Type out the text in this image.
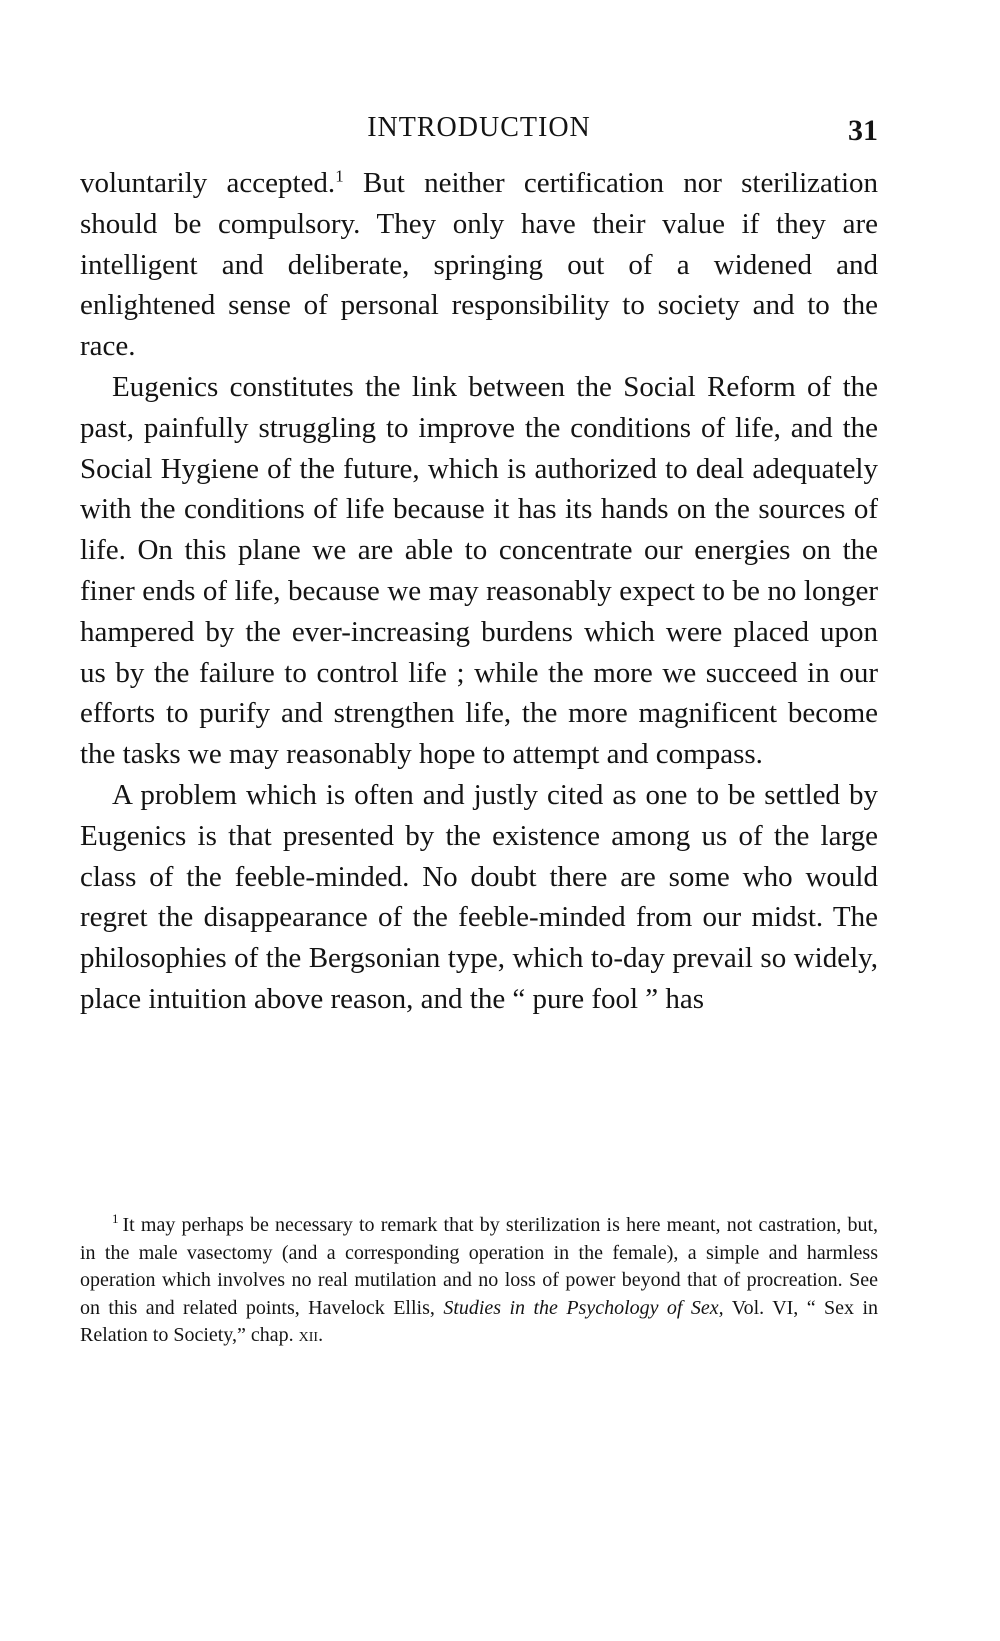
INTRODUCTION	31

voluntarily accepted.$^1$ But neither certification nor sterilization should be compulsory. They only have their value if they are intelligent and deliberate, springing out of a widened and enlightened sense of personal responsibility to society and to the race.

Eugenics constitutes the link between the Social Reform of the past, painfully struggling to improve the conditions of life, and the Social Hygiene of the future, which is authorized to deal adequately with the conditions of life because it has its hands on the sources of life. On this plane we are able to concentrate our energies on the finer ends of life, because we may reasonably expect to be no longer hampered by the ever-increasing burdens which were placed upon us by the failure to control life ; while the more we succeed in our efforts to purify and strengthen life, the more magnificent become the tasks we may reasonably hope to attempt and compass.

A problem which is often and justly cited as one to be settled by Eugenics is that presented by the existence among us of the large class of the feeble-minded. No doubt there are some who would regret the disappearance of the feeble-minded from our midst. The philosophies of the Bergsonian type, which to-day prevail so widely, place intuition above reason, and the “ pure fool ” has

$^1$ It may perhaps be necessary to remark that by sterilization is here meant, not castration, but, in the male vasectomy (and a corresponding operation in the female), a simple and harmless operation which involves no real mutilation and no loss of power beyond that of procreation. See on this and related points, Havelock Ellis, Studies in the Psychology of Sex, Vol. VI, “ Sex in Relation to Society,” chap. xii.
